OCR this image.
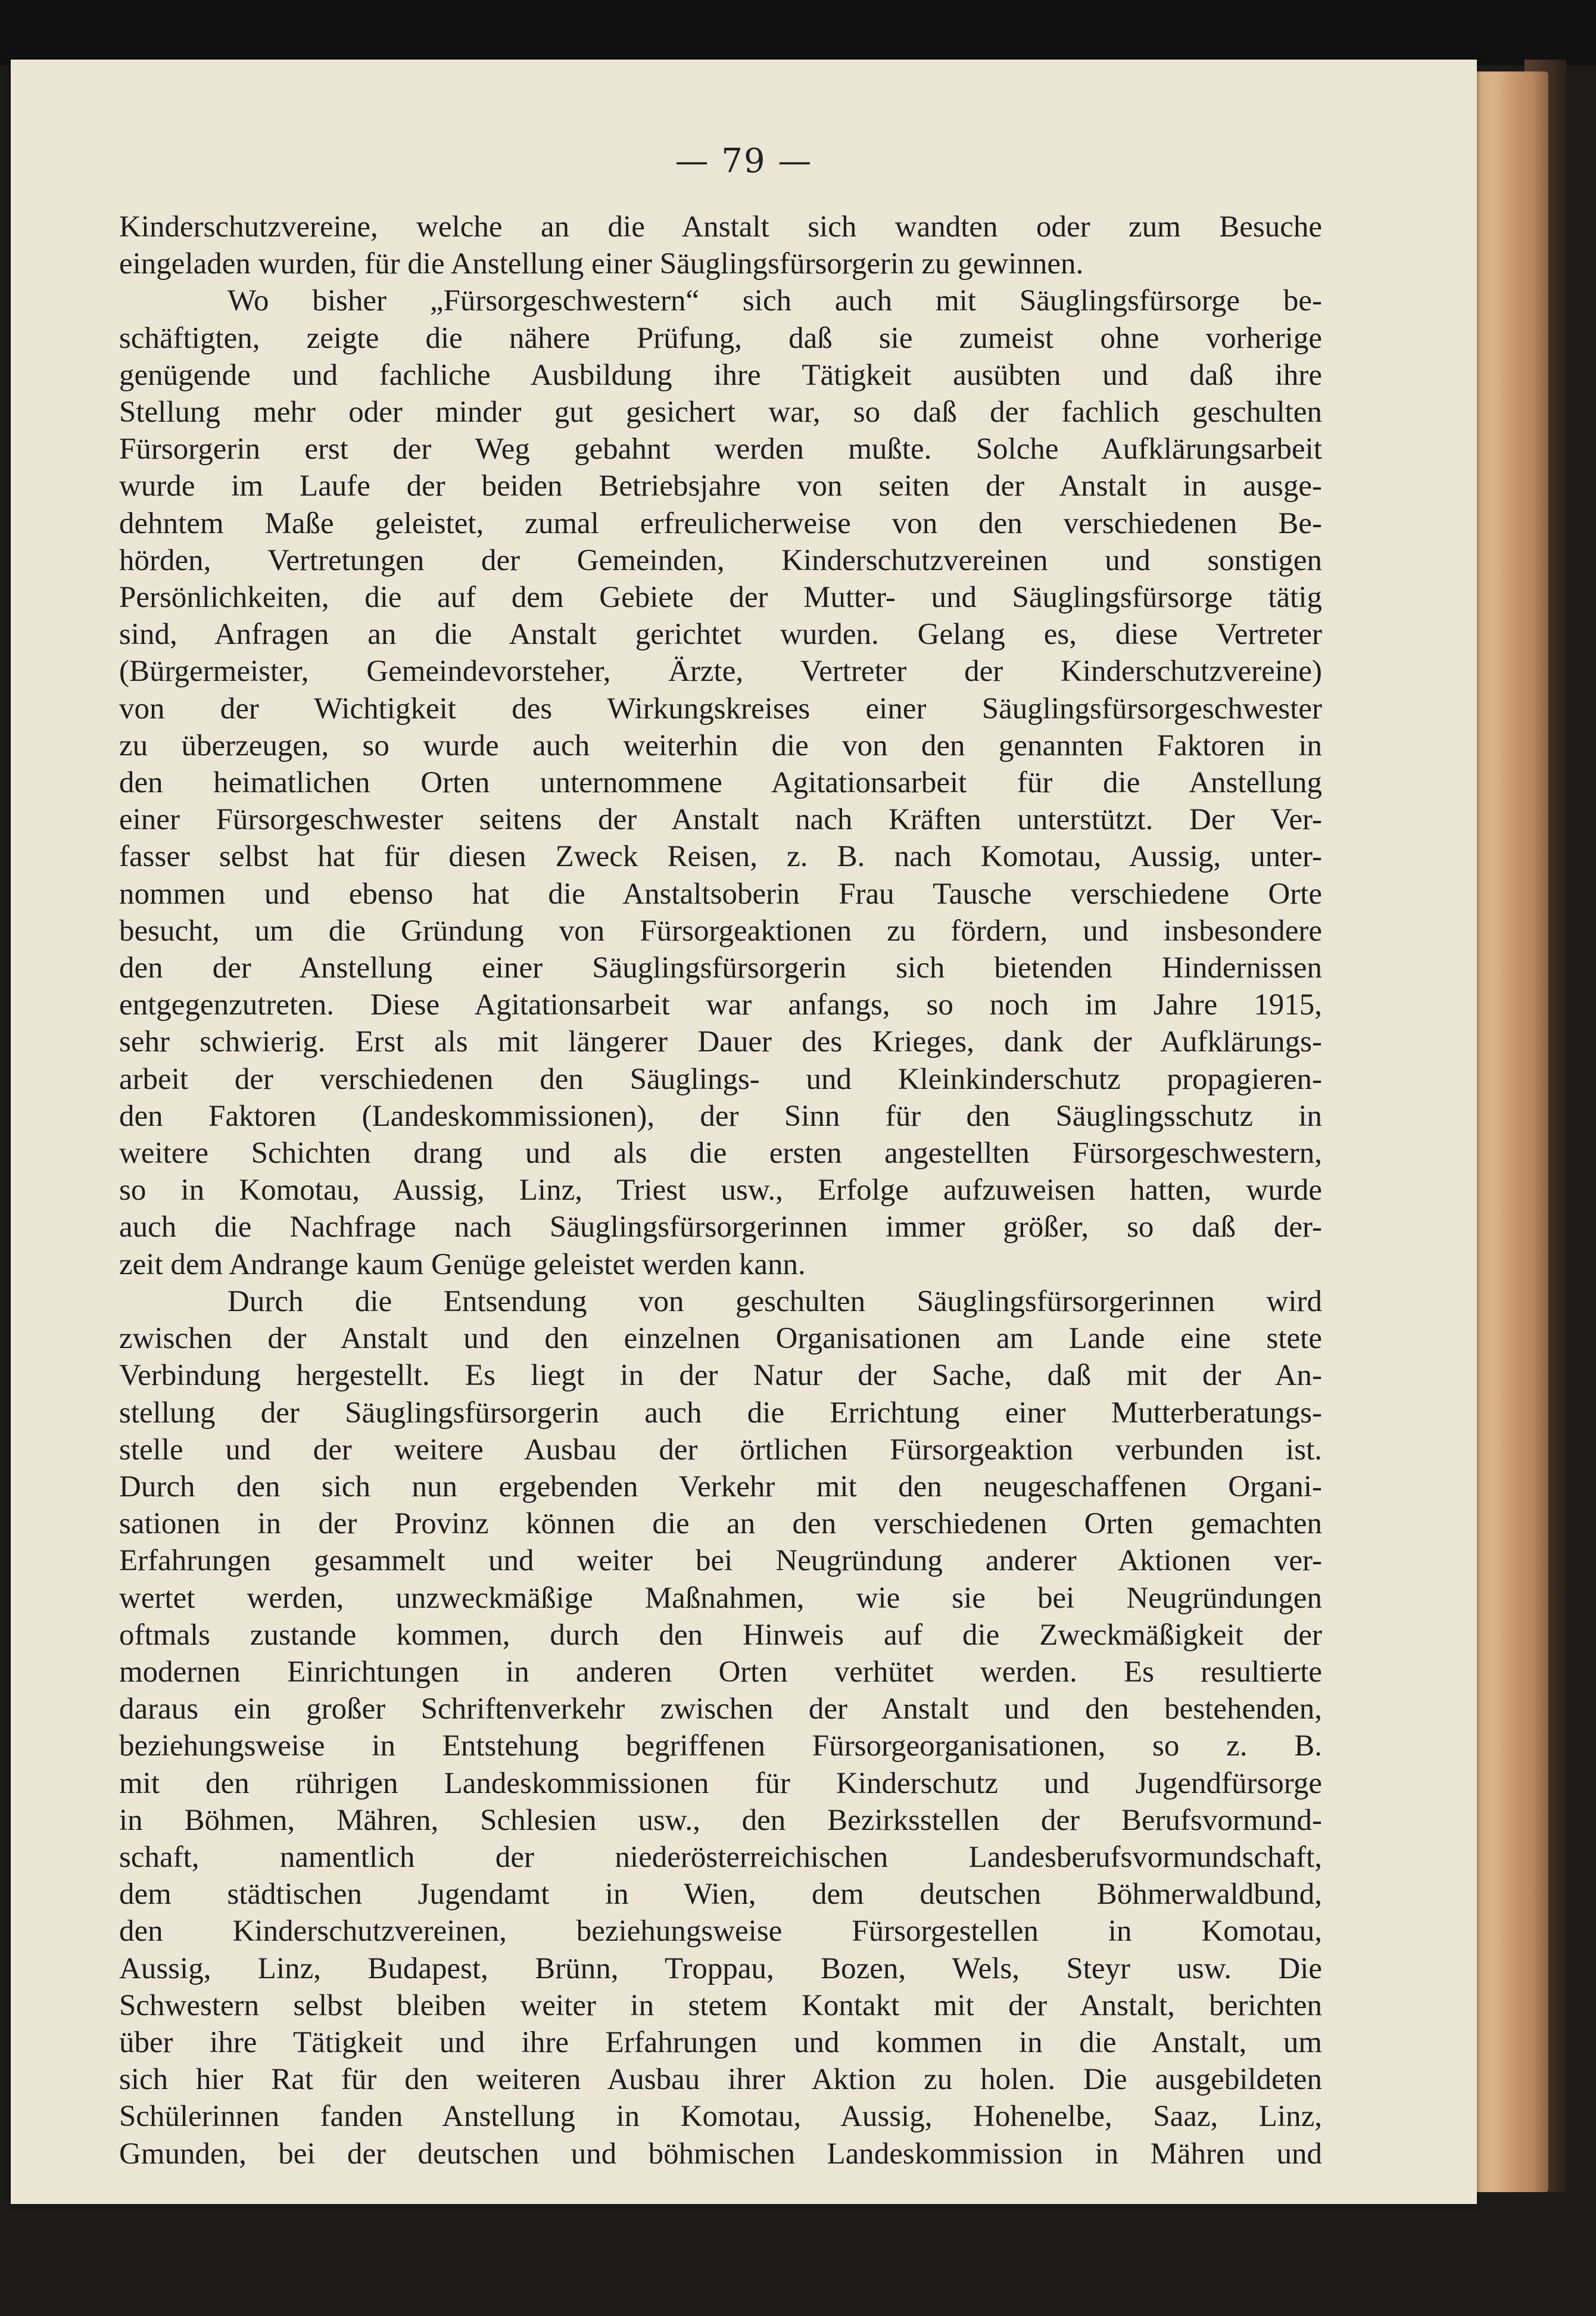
— 79 —
Kinderschutzvereine, welche an die Anstalt sich wandten oder zum Besuche
eingeladen wurden, für die Anstellung einer Säuglingsfürsorgerin zu gewinnen.
Wo bisher „Fürsorgeschwestern“ sich auch mit Säuglingsfürsorge be-
schäftigten, zeigte die nähere Prüfung, daß sie zumeist ohne vorherige
genügende und fachliche Ausbildung ihre Tätigkeit ausübten und daß ihre
Stellung mehr oder minder gut gesichert war, so daß der fachlich geschulten
Fürsorgerin erst der Weg gebahnt werden mußte. Solche Aufklärungsarbeit
wurde im Laufe der beiden Betriebsjahre von seiten der Anstalt in ausge-
dehntem Maße geleistet, zumal erfreulicherweise von den verschiedenen Be-
hörden, Vertretungen der Gemeinden, Kinderschutzvereinen und sonstigen
Persönlichkeiten, die auf dem Gebiete der Mutter- und Säuglingsfürsorge tätig
sind, Anfragen an die Anstalt gerichtet wurden. Gelang es, diese Vertreter
(Bürgermeister, Gemeindevorsteher, Ärzte, Vertreter der Kinderschutzvereine)
von der Wichtigkeit des Wirkungskreises einer Säuglingsfürsorgeschwester
zu überzeugen, so wurde auch weiterhin die von den genannten Faktoren in
den heimatlichen Orten unternommene Agitationsarbeit für die Anstellung
einer Fürsorgeschwester seitens der Anstalt nach Kräften unterstützt. Der Ver-
fasser selbst hat für diesen Zweck Reisen, z. B. nach Komotau, Aussig, unter-
nommen und ebenso hat die Anstaltsoberin Frau Tausche verschiedene Orte
besucht, um die Gründung von Fürsorgeaktionen zu fördern, und insbesondere
den der Anstellung einer Säuglingsfürsorgerin sich bietenden Hindernissen
entgegenzutreten. Diese Agitationsarbeit war anfangs, so noch im Jahre 1915,
sehr schwierig. Erst als mit längerer Dauer des Krieges, dank der Aufklärungs-
arbeit der verschiedenen den Säuglings- und Kleinkinderschutz propagieren-
den Faktoren (Landeskommissionen), der Sinn für den Säuglingsschutz in
weitere Schichten drang und als die ersten angestellten Fürsorgeschwestern,
so in Komotau, Aussig, Linz, Triest usw., Erfolge aufzuweisen hatten, wurde
auch die Nachfrage nach Säuglingsfürsorgerinnen immer größer, so daß der-
zeit dem Andrange kaum Genüge geleistet werden kann.
Durch die Entsendung von geschulten Säuglingsfürsorgerinnen wird
zwischen der Anstalt und den einzelnen Organisationen am Lande eine stete
Verbindung hergestellt. Es liegt in der Natur der Sache, daß mit der An-
stellung der Säuglingsfürsorgerin auch die Errichtung einer Mutterberatungs-
stelle und der weitere Ausbau der örtlichen Fürsorgeaktion verbunden ist.
Durch den sich nun ergebenden Verkehr mit den neugeschaffenen Organi-
sationen in der Provinz können die an den verschiedenen Orten gemachten
Erfahrungen gesammelt und weiter bei Neugründung anderer Aktionen ver-
wertet werden, unzweckmäßige Maßnahmen, wie sie bei Neugründungen
oftmals zustande kommen, durch den Hinweis auf die Zweckmäßigkeit der
modernen Einrichtungen in anderen Orten verhütet werden. Es resultierte
daraus ein großer Schriftenverkehr zwischen der Anstalt und den bestehenden,
beziehungsweise in Entstehung begriffenen Fürsorgeorganisationen, so z. B.
mit den rührigen Landeskommissionen für Kinderschutz und Jugendfürsorge
in Böhmen, Mähren, Schlesien usw., den Bezirksstellen der Berufsvormund-
schaft, namentlich der niederösterreichischen Landesberufsvormundschaft,
dem städtischen Jugendamt in Wien, dem deutschen Böhmerwaldbund,
den Kinderschutzvereinen, beziehungsweise Fürsorgestellen in Komotau,
Aussig, Linz, Budapest, Brünn, Troppau, Bozen, Wels, Steyr usw. Die
Schwestern selbst bleiben weiter in stetem Kontakt mit der Anstalt, berichten
über ihre Tätigkeit und ihre Erfahrungen und kommen in die Anstalt, um
sich hier Rat für den weiteren Ausbau ihrer Aktion zu holen. Die ausgebildeten
Schülerinnen fanden Anstellung in Komotau, Aussig, Hohenelbe, Saaz, Linz,
Gmunden, bei der deutschen und böhmischen Landeskommission in Mähren und
